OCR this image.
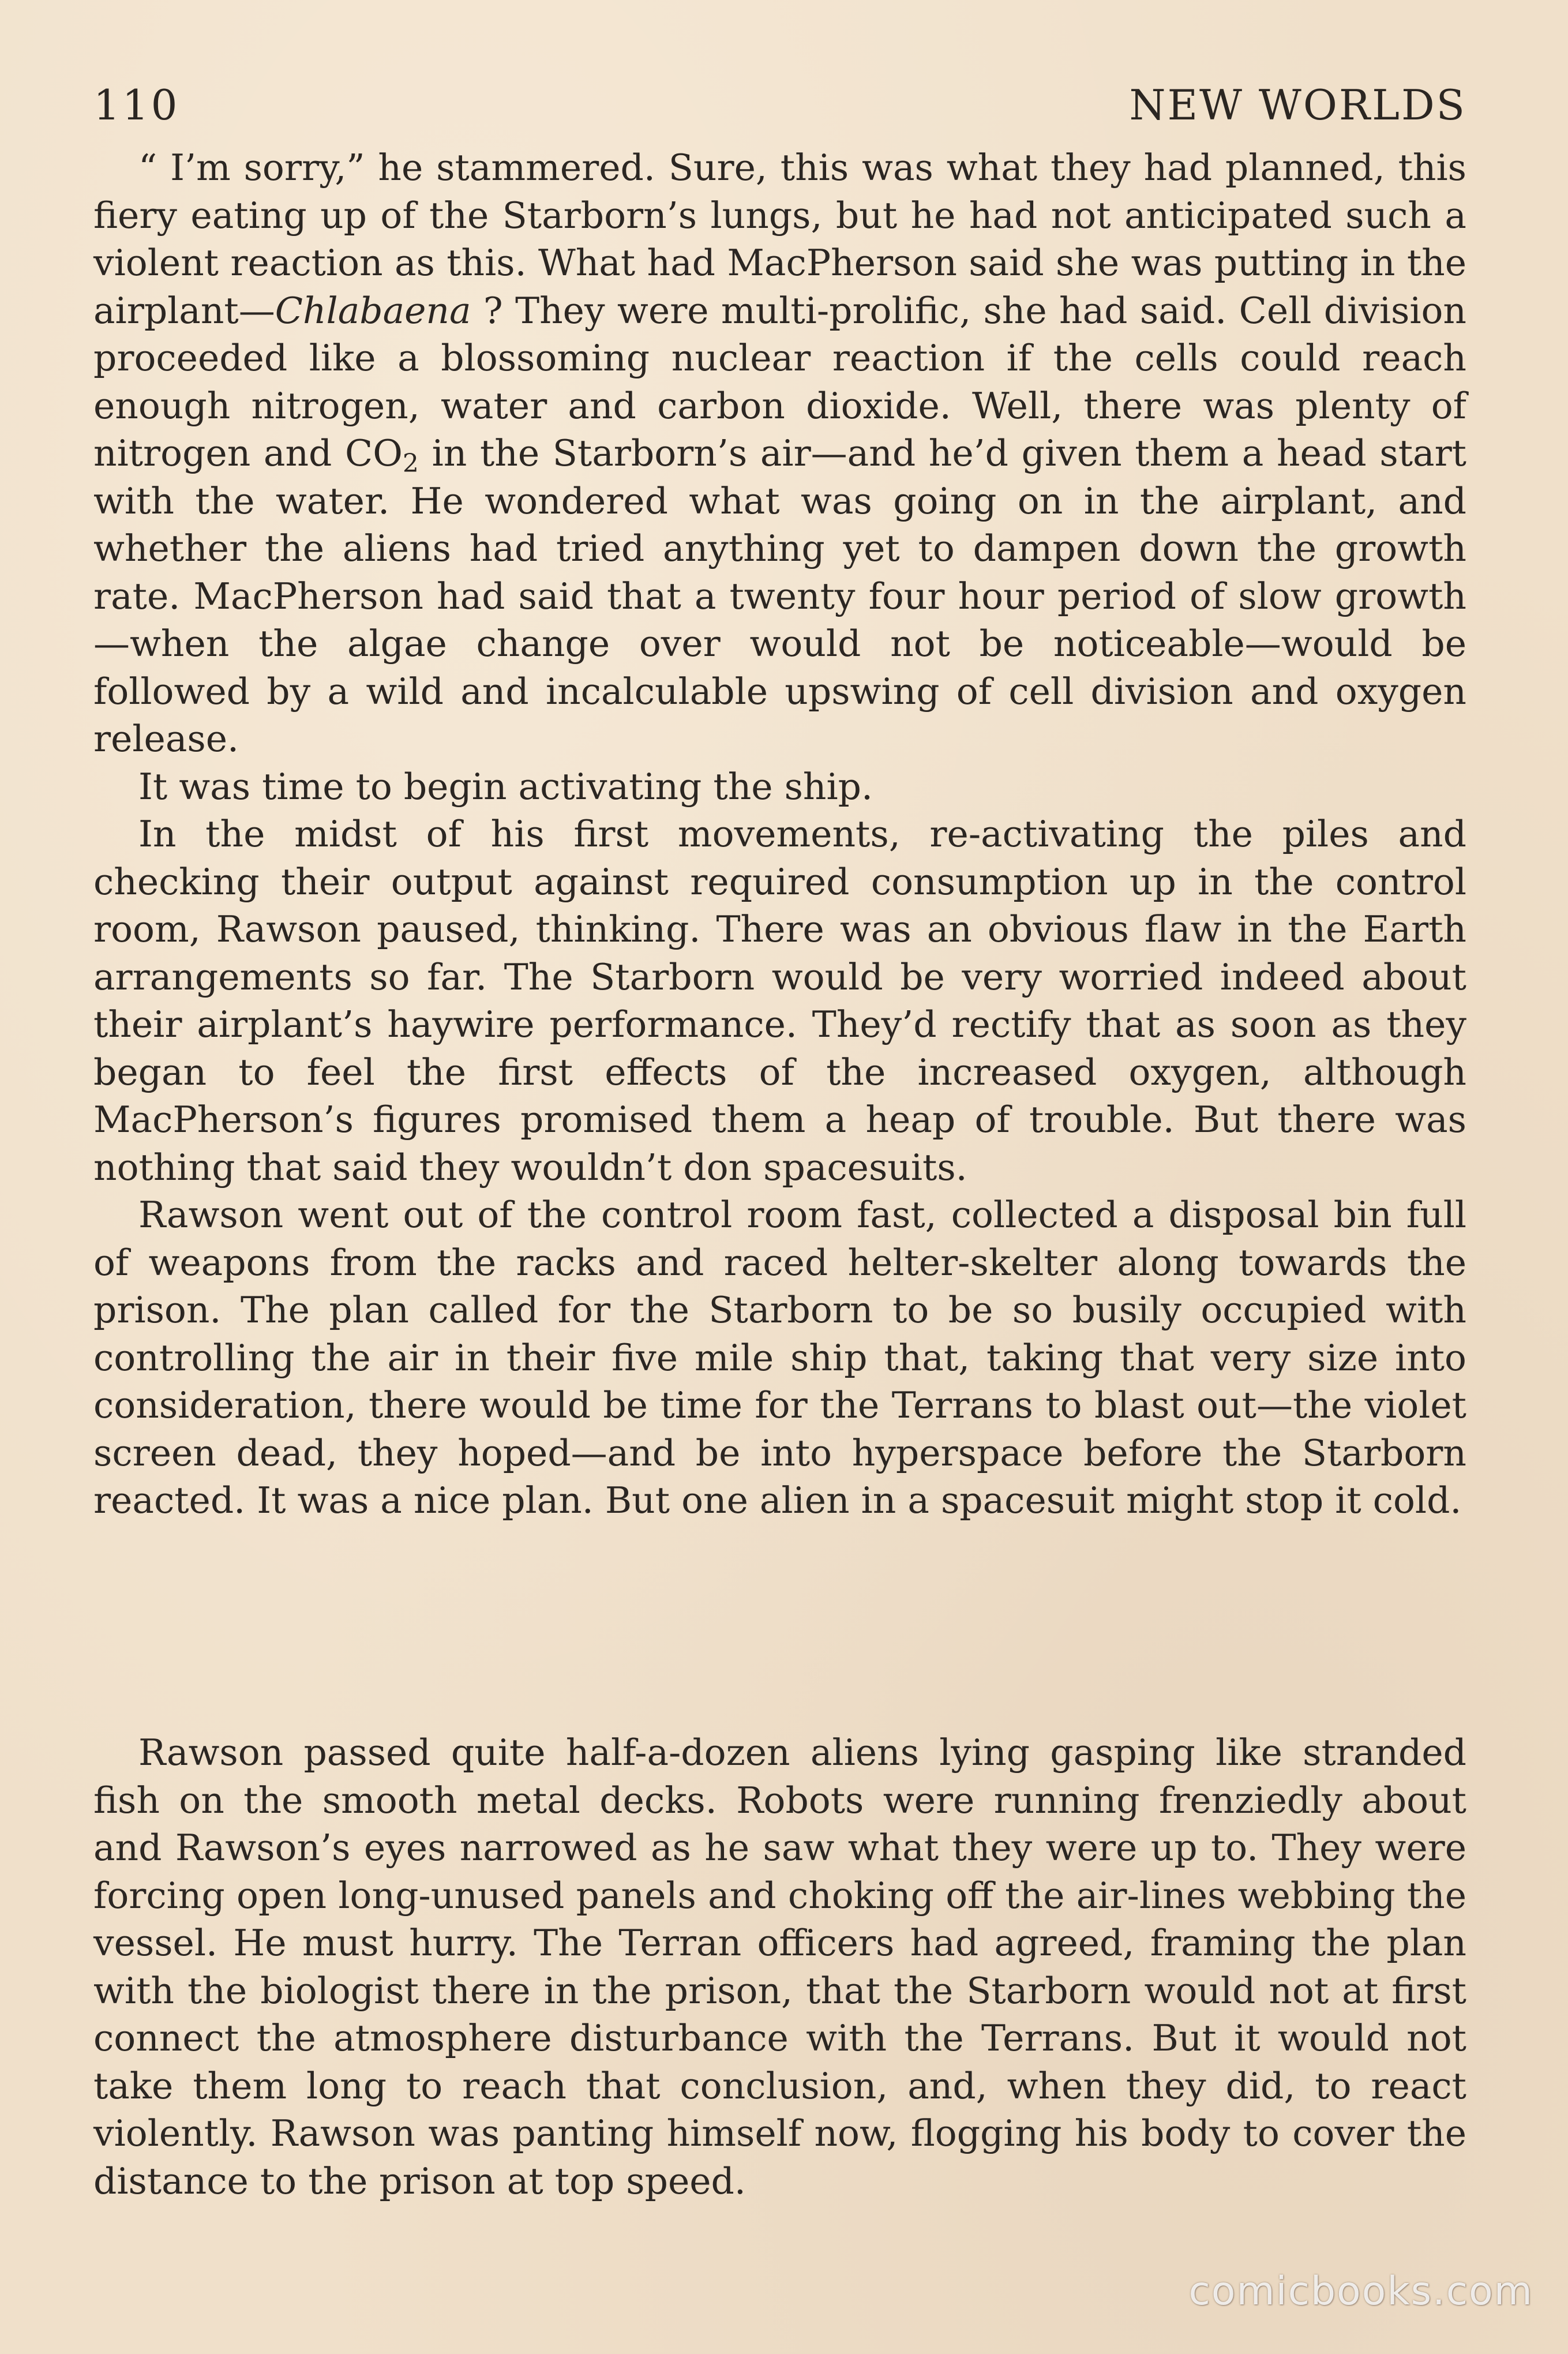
110	NEW WORLDS

“ I’m sorry,” he stammered. Sure, this was what they had planned, this fiery eating up of the Starborn’s lungs, but he had not anticipated such a violent reaction as this. What had MacPherson said she was putting in the airplant—Chlabaena ? They were multi-prolific, she had said. Cell division proceeded like a blossoming nuclear reaction if the cells could reach enough nitrogen, water and carbon dioxide. Well, there was plenty of nitrogen and $CO_2$ in the Starborn’s air—and he’d given them a head start with the water. He wondered what was going on in the airplant, and whether the aliens had tried anything yet to dampen down the growth rate. MacPherson had said that a twenty four hour period of slow growth—when the algae change over would not be noticeable—would be followed by a wild and incalculable upswing of cell division and oxygen release.

It was time to begin activating the ship.

In the midst of his first movements, re-activating the piles and checking their output against required consumption up in the control room, Rawson paused, thinking. There was an obvious flaw in the Earth arrangements so far. The Starborn would be very worried indeed about their airplant’s haywire performance. They’d rectify that as soon as they began to feel the first effects of the increased oxygen, although MacPherson’s figures promised them a heap of trouble. But there was nothing that said they wouldn’t don spacesuits.

Rawson went out of the control room fast, collected a disposal bin full of weapons from the racks and raced helter-skelter along towards the prison. The plan called for the Starborn to be so busily occupied with controlling the air in their five mile ship that, taking that very size into consideration, there would be time for the Terrans to blast out—the violet screen dead, they hoped—and be into hyperspace before the Starborn reacted. It was a nice plan. But one alien in a spacesuit might stop it cold.

Rawson passed quite half-a-dozen aliens lying gasping like stranded fish on the smooth metal decks. Robots were running frenziedly about and Rawson’s eyes narrowed as he saw what they were up to. They were forcing open long-unused panels and choking off the air-lines webbing the vessel. He must hurry. The Terran officers had agreed, framing the plan with the biologist there in the prison, that the Starborn would not at first connect the atmosphere disturbance with the Terrans. But it would not take them long to reach that conclusion, and, when they did, to react violently. Rawson was panting himself now, flogging his body to cover the distance to the prison at top speed.

comicbooks.com
